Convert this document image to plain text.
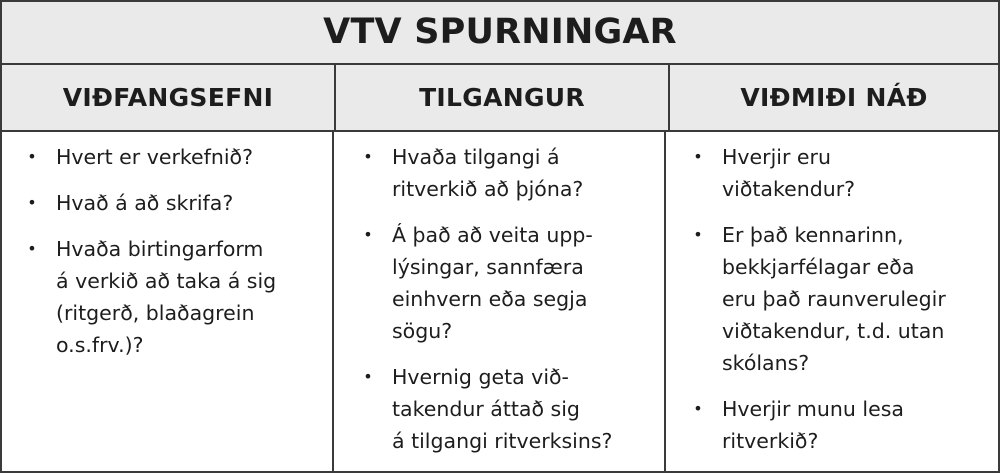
VTV SPURNINGAR
VIÐFANGSEFNI	TILGANGUR	VIÐMIÐI NÁÐ
• Hvert er verkefnið?
• Hvað á að skrifa?
• Hvaða birtingarform
á verkið að taka á sig
(ritgerð, blaðagrein
o.s.frv.)?
• Hvaða tilgangi á
ritverkið að þjóna?
• Á það að veita upp-
lýsingar, sannfæra
einhvern eða segja
sögu?
• Hvernig geta við-
takendur áttað sig
á tilgangi ritverksins?
• Hverjir eru
viðtakendur?
• Er það kennarinn,
bekkjarfélagar eða
eru það raunverulegir
viðtakendur, t.d. utan
skólans?
• Hverjir munu lesa
ritverkið?
